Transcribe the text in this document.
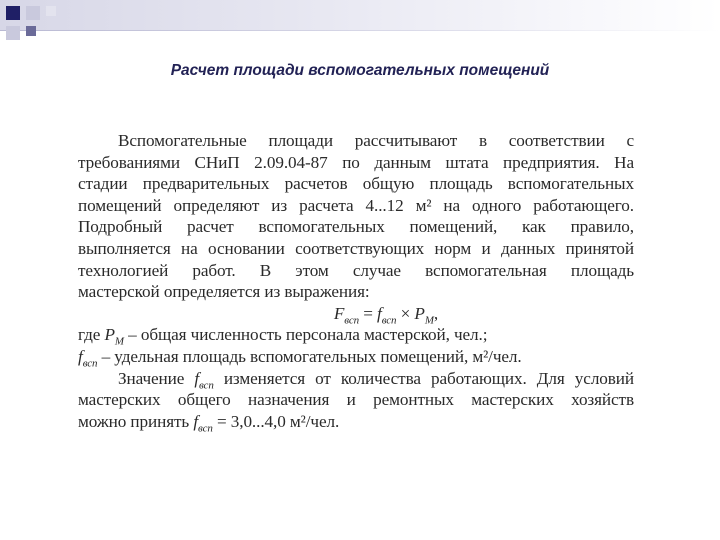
Расчет площади вспомогательных помещений
Вспомогательные площади рассчитывают в соответствии с
требованиями СНиП 2.09.04-87 по данным штата предприятия. На
стадии предварительных расчетов общую площадь вспомогательных
помещений определяют из расчета 4...12 м² на одного работающего.
Подробный расчет вспомогательных помещений, как правило,
выполняется на основании соответствующих норм и данных принятой
технологией работ. В этом случае вспомогательная площадь
мастерской определяется из выражения:
$F_{всп} = f_{всп} \times P_M$,
где $P_M$ – общая численность персонала мастерской, чел.;
$f_{всп}$ – удельная площадь вспомогательных помещений, м²/чел.
Значение $f_{всп}$ изменяется от количества работающих. Для условий
мастерских общего назначения и ремонтных мастерских хозяйств
можно принять $f_{всп} = 3,0...4,0$ м²/чел.
